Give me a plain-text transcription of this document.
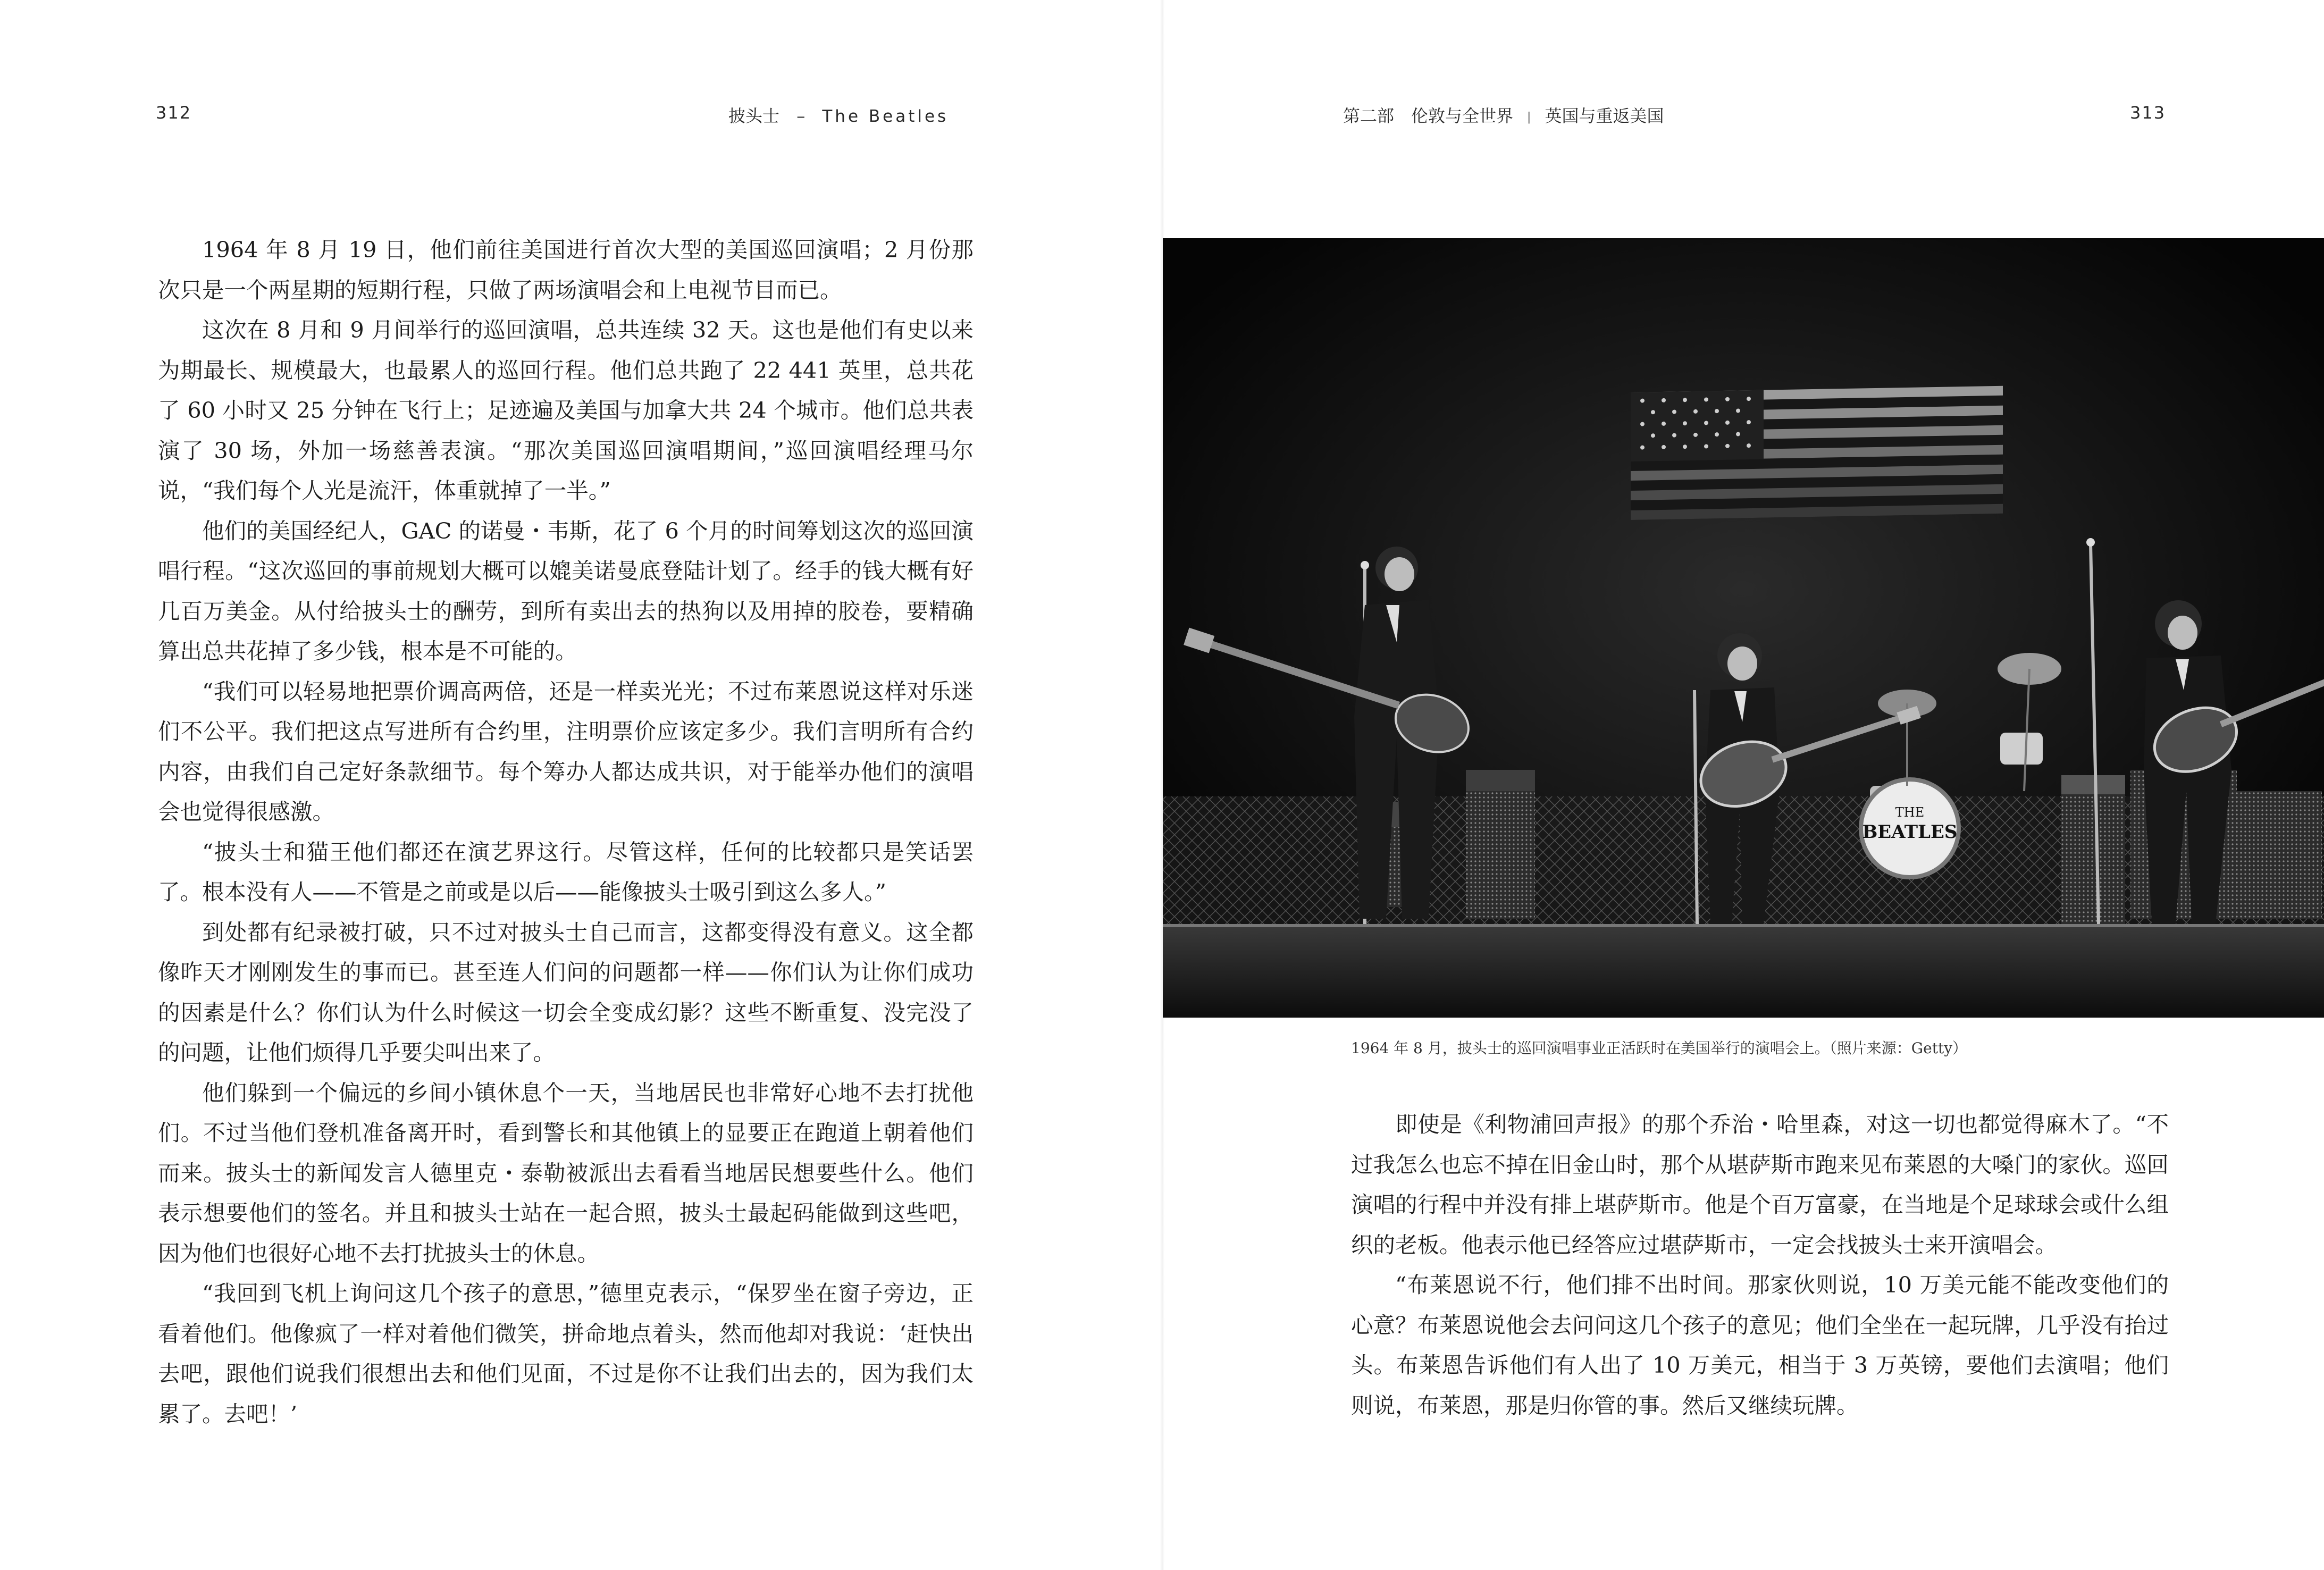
312	披头士 – The Beatles

1964 年 8 月 19 日，他们前往美国进行首次大型的美国巡回演唱；2 月份那次只是一个两星期的短期行程，只做了两场演唱会和上电视节目而已。

这次在 8 月和 9 月间举行的巡回演唱，总共连续 32 天。这也是他们有史以来为期最长、规模最大，也最累人的巡回行程。他们总共跑了 22 441 英里，总共花了 60 小时又 25 分钟在飞行上；足迹遍及美国与加拿大共 24 个城市。他们总共表演了 30 场，外加一场慈善表演。“那次美国巡回演唱期间，”巡回演唱经理马尔说，“我们每个人光是流汗，体重就掉了一半。”

他们的美国经纪人，GAC 的诺曼・韦斯，花了 6 个月的时间筹划这次的巡回演唱行程。“这次巡回的事前规划大概可以媲美诺曼底登陆计划了。经手的钱大概有好几百万美金。从付给披头士的酬劳，到所有卖出去的热狗以及用掉的胶卷，要精确算出总共花掉了多少钱，根本是不可能的。

“我们可以轻易地把票价调高两倍，还是一样卖光光；不过布莱恩说这样对乐迷们不公平。我们把这点写进所有合约里，注明票价应该定多少。我们言明所有合约内容，由我们自己定好条款细节。每个筹办人都达成共识，对于能举办他们的演唱会也觉得很感激。

“披头士和猫王他们都还在演艺界这行。尽管这样，任何的比较都只是笑话罢了。根本没有人——不管是之前或是以后——能像披头士吸引到这么多人。”

到处都有纪录被打破，只不过对披头士自己而言，这都变得没有意义。这全都像昨天才刚刚发生的事而已。甚至连人们问的问题都一样——你们认为让你们成功的因素是什么？你们认为什么时候这一切会全变成幻影？这些不断重复、没完没了的问题，让他们烦得几乎要尖叫出来了。

他们躲到一个偏远的乡间小镇休息个一天，当地居民也非常好心地不去打扰他们。不过当他们登机准备离开时，看到警长和其他镇上的显要正在跑道上朝着他们而来。披头士的新闻发言人德里克・泰勒被派出去看看当地居民想要些什么。他们表示想要他们的签名。并且和披头士站在一起合照，披头士最起码能做到这些吧，因为他们也很好心地不去打扰披头士的休息。

“我回到飞机上询问这几个孩子的意思，”德里克表示，“保罗坐在窗子旁边，正看着他们。他像疯了一样对着他们微笑，拼命地点着头，然而他却对我说：‘赶快出去吧，跟他们说我们很想出去和他们见面，不过是你不让我们出去的，因为我们太累了。去吧！’

第二部　伦敦与全世界 | 英国与重返美国	313
THE
BEATLES
1964 年 8 月，披头士的巡回演唱事业正活跃时在美国举行的演唱会上。（照片来源：Getty）

即使是《利物浦回声报》的那个乔治・哈里森，对这一切也都觉得麻木了。“不过我怎么也忘不掉在旧金山时，那个从堪萨斯市跑来见布莱恩的大嗓门的家伙。巡回演唱的行程中并没有排上堪萨斯市。他是个百万富豪，在当地是个足球球会或什么组织的老板。他表示他已经答应过堪萨斯市，一定会找披头士来开演唱会。

“布莱恩说不行，他们排不出时间。那家伙则说，10 万美元能不能改变他们的心意？布莱恩说他会去问问这几个孩子的意见；他们全坐在一起玩牌，几乎没有抬过头。布莱恩告诉他们有人出了 10 万美元，相当于 3 万英镑，要他们去演唱；他们则说，布莱恩，那是归你管的事。然后又继续玩牌。
